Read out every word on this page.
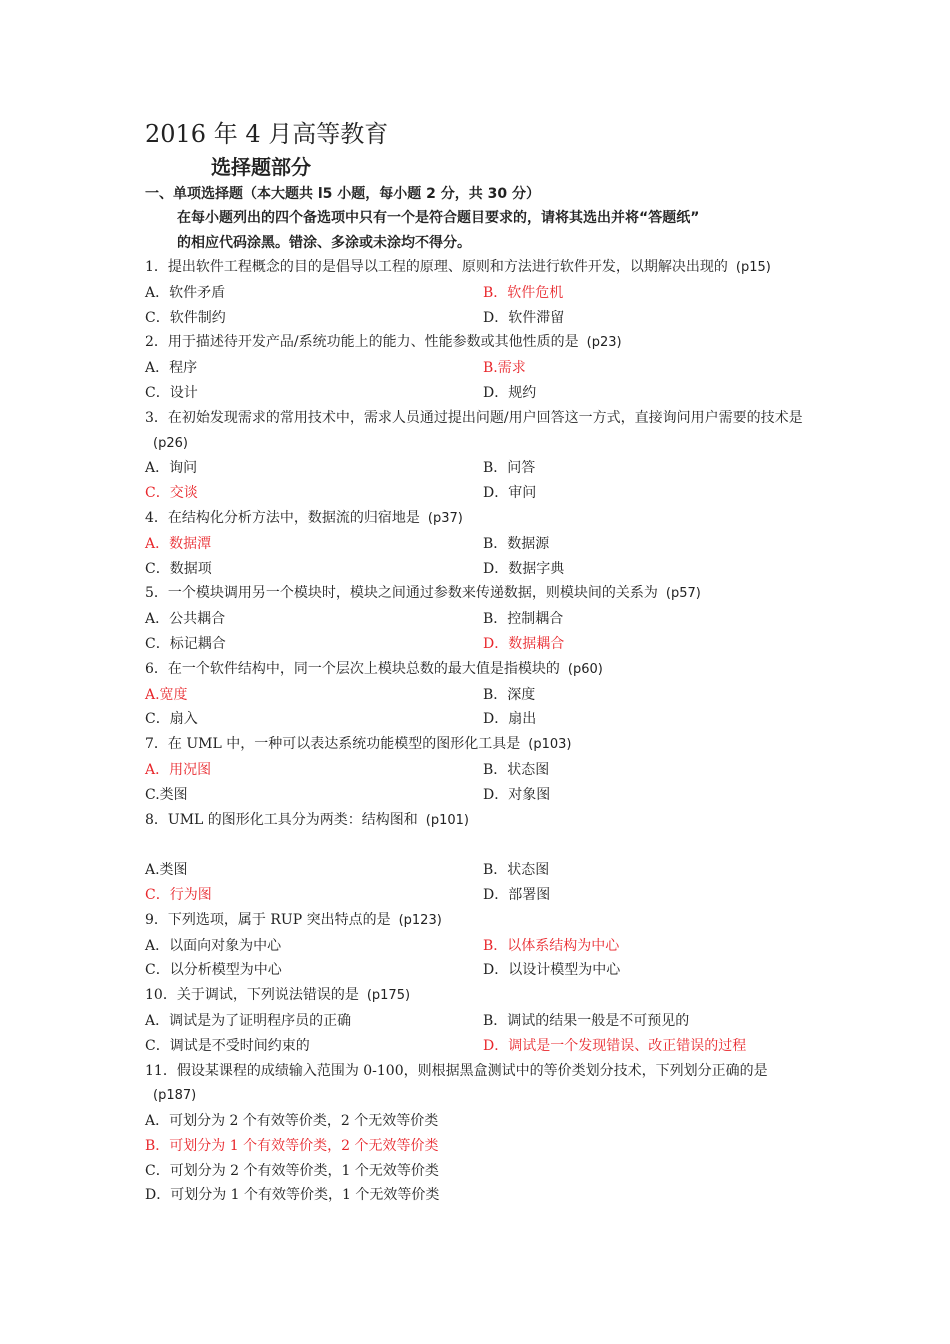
2016 年 4 月高等教育
选择题部分
一、单项选择题（本大题共 l5 小题，每小题 2 分，共 30 分）
在每小题列出的四个备选项中只有一个是符合题目要求的，请将其选出并将“答题纸”
的相应代码涂黑。错涂、多涂或未涂均不得分。
1．提出软件工程概念的目的是倡导以工程的原理、原则和方法进行软件开发，以期解决出现的 (p15)
A．软件矛盾	B．软件危机
C．软件制约	D．软件滞留
2．用于描述待开发产品/系统功能上的能力、性能参数或其他性质的是 (p23)
A．程序	B.需求
C．设计	D．规约
3．在初始发现需求的常用技术中，需求人员通过提出问题/用户回答这一方式，直接询问用户需要的技术是(p26)
A．询问	B．问答
C．交谈	D．审问
4．在结构化分析方法中，数据流的归宿地是 (p37)
A．数据潭	B．数据源
C．数据项	D．数据字典
5．一个模块调用另一个模块时，模块之间通过参数来传递数据，则模块间的关系为 (p57)
A．公共耦合	B．控制耦合
C．标记耦合	D．数据耦合
6．在一个软件结构中，同一个层次上模块总数的最大值是指模块的 (p60)
A.宽度	B．深度
C．扇入	D．扇出
7．在 UML 中，一种可以表达系统功能模型的图形化工具是 (p103)
A．用况图	B．状态图
C.类图	D．对象图
8．UML 的图形化工具分为两类：结构图和 (p101)
A.类图	B．状态图
C．行为图	D．部署图
9．下列选项，属于 RUP 突出特点的是 (p123)
A．以面向对象为中心	B．以体系结构为中心
C．以分析模型为中心	D．以设计模型为中心
10．关于调试，下列说法错误的是 (p175)
A．调试是为了证明程序员的正确	B．调试的结果一般是不可预见的
C．调试是不受时间约束的	D．调试是一个发现错误、改正错误的过程
11．假设某课程的成绩输入范围为 0-100，则根据黑盒测试中的等价类划分技术，下列划分正确的是(p187)
A．可划分为 2 个有效等价类，2 个无效等价类
B．可划分为 1 个有效等价类，2 个无效等价类
C．可划分为 2 个有效等价类，1 个无效等价类
D．可划分为 1 个有效等价类，1 个无效等价类
